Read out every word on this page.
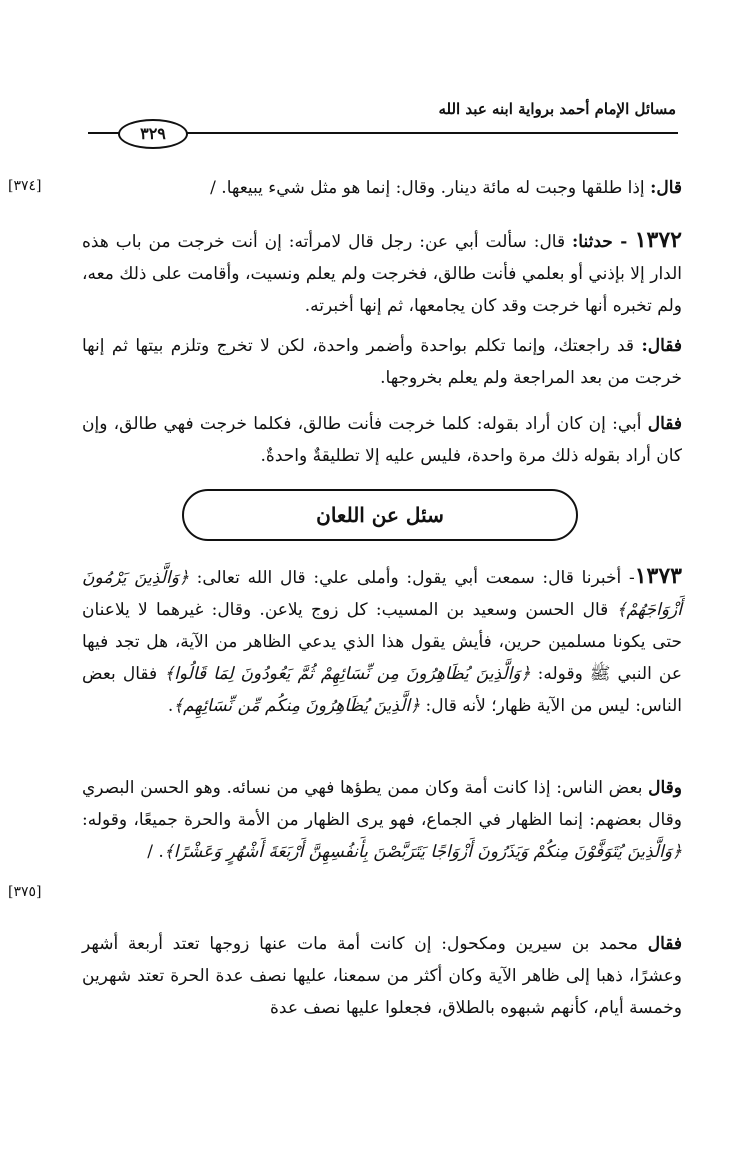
مسائل الإمام أحمد برواية ابنه عبد الله
٣٢٩
[٣٧٤]
[٣٧٥]
قال: إذا طلقها وجبت له مائة دينار. وقال: إنما هو مثل شيء يبيعها. /
١٣٧٢ - حدثنا: قال: سألت أبي عن: رجل قال لامرأته: إن أنت خرجت من باب هذه الدار إلا بإذني أو بعلمي فأنت طالق، فخرجت ولم يعلم ونسيت، وأقامت على ذلك معه، ولم تخبره أنها خرجت وقد كان يجامعها، ثم إنها أخبرته.
فقال: قد راجعتك، وإنما تكلم بواحدة وأضمر واحدة، لكن لا تخرج وتلزم بيتها ثم إنها خرجت من بعد المراجعة ولم يعلم بخروجها.
فقال أبي: إن كان أراد بقوله: كلما خرجت فأنت طالق، فكلما خرجت فهي طالق، وإن كان أراد بقوله ذلك مرة واحدة، فليس عليه إلا تطليقةٌ واحدةٌ.
سئل عن اللعان
١٣٧٣- أخبرنا قال: سمعت أبي يقول: وأملى علي: قال الله تعالى: ﴿وَالَّذِينَ يَرْمُونَ أَزْوَاجَهُمْ﴾ قال الحسن وسعيد بن المسيب: كل زوج يلاعن. وقال: غيرهما لا يلاعنان حتى يكونا مسلمين حرين، فأيش يقول هذا الذي يدعي الظاهر من الآية، هل تجد فيها عن النبي ﷺ وقوله: ﴿وَالَّذِينَ يُظَاهِرُونَ مِن نِّسَائِهِمْ ثُمَّ يَعُودُونَ لِمَا قَالُوا﴾ فقال بعض الناس: ليس من الآية ظهار؛ لأنه قال: ﴿الَّذِينَ يُظَاهِرُونَ مِنكُم مِّن نِّسَائِهِم﴾.
وقال بعض الناس: إذا كانت أمة وكان ممن يطؤها فهي من نسائه. وهو الحسن البصري وقال بعضهم: إنما الظهار في الجماع، فهو يرى الظهار من الأمة والحرة جميعًا، وقوله: ﴿وَالَّذِينَ يُتَوَفَّوْنَ مِنكُمْ وَيَذَرُونَ أَزْوَاجًا يَتَرَبَّصْنَ بِأَنفُسِهِنَّ أَرْبَعَةَ أَشْهُرٍ وَعَشْرًا﴾. /
فقال محمد بن سيرين ومكحول: إن كانت أمة مات عنها زوجها تعتد أربعة أشهر وعشرًا، ذهبا إلى ظاهر الآية وكان أكثر من سمعنا، عليها نصف عدة الحرة تعتد شهرين وخمسة أيام، كأنهم شبهوه بالطلاق، فجعلوا عليها نصف عدة
